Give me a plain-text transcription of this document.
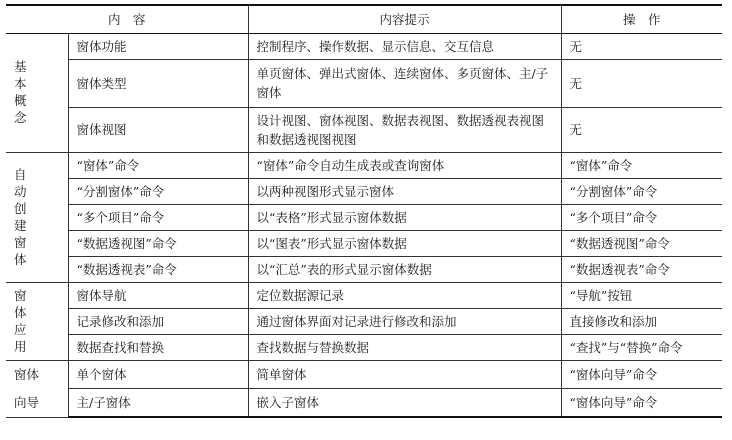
内　容		内容提示	操　作
基本概念	窗体功能	控制程序、操作数据、显示信息、交互信息	无
	窗体类型	单页窗体、弹出式窗体、连续窗体、多页窗体、主/子窗体	无
	窗体视图	设计视图、窗体视图、数据表视图、数据透视表视图和数据透视图视图	无
自动创建窗体	“窗体”命令	“窗体”命令自动生成表或查询窗体	“窗体”命令
	“分割窗体”命令	以两种视图形式显示窗体	“分割窗体”命令
	“多个项目”命令	以“表格”形式显示窗体数据	“多个项目”命令
	“数据透视图”命令	以“图表”形式显示窗体数据	“数据透视图”命令
	“数据透视表”命令	以“汇总”表的形式显示窗体数据	“数据透视表”命令
窗体应用	窗体导航	定位数据源记录	“导航”按钮
	记录修改和添加	通过窗体界面对记录进行修改和添加	直接修改和添加
	数据查找和替换	查找数据与替换数据	“查找”与“替换”命令
窗体向导	单个窗体	简单窗体	“窗体向导”命令
	主/子窗体	嵌入子窗体	“窗体向导”命令
